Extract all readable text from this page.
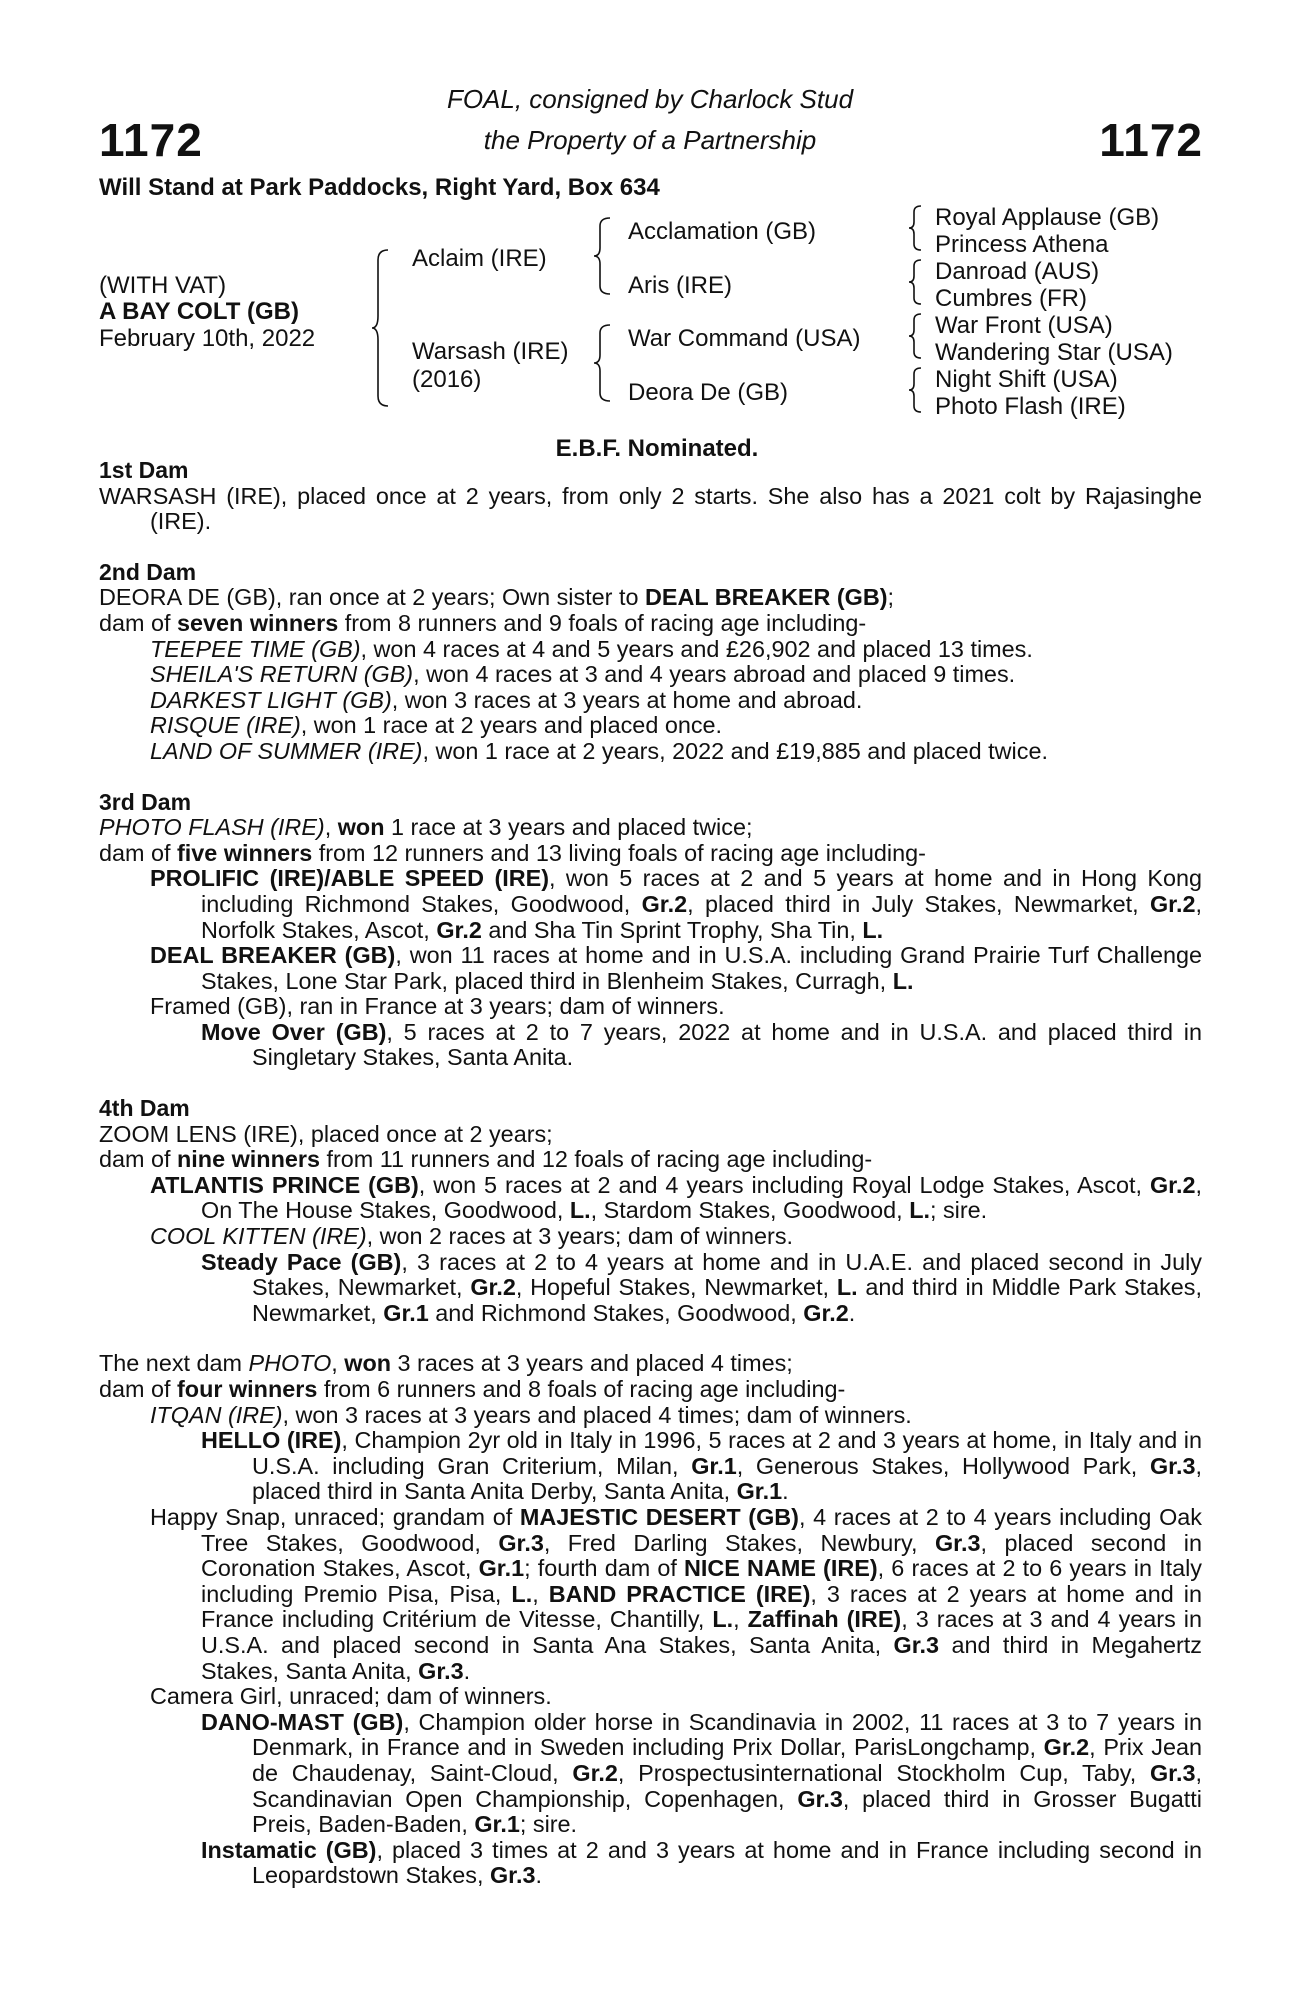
1172	1172
FOAL, consigned by Charlock Stud
the Property of a Partnership
Will Stand at Park Paddocks, Right Yard, Box 634
(WITH VAT)
A BAY COLT (GB)
February 10th, 2022
Aclaim (IRE)
Warsash (IRE)
(2016)
Acclamation (GB)
Aris (IRE)
War Command (USA)
Deora De (GB)
Royal Applause (GB)
Princess Athena
Danroad (AUS)
Cumbres (FR)
War Front (USA)
Wandering Star (USA)
Night Shift (USA)
Photo Flash (IRE)
E.B.F. Nominated.

1st Dam

WARSASH (IRE), placed once at 2 years, from only 2 starts. She also has a 2021 colt by Rajasinghe (IRE).

2nd Dam

DEORA DE (GB), ran once at 2 years; Own sister to DEAL BREAKER (GB);

dam of seven winners from 8 runners and 9 foals of racing age including-

TEEPEE TIME (GB), won 4 races at 4 and 5 years and £26,902 and placed 13 times.

SHEILA'S RETURN (GB), won 4 races at 3 and 4 years abroad and placed 9 times.

DARKEST LIGHT (GB), won 3 races at 3 years at home and abroad.

RISQUE (IRE), won 1 race at 2 years and placed once.

LAND OF SUMMER (IRE), won 1 race at 2 years, 2022 and £19,885 and placed twice.

3rd Dam

PHOTO FLASH (IRE), won 1 race at 3 years and placed twice;

dam of five winners from 12 runners and 13 living foals of racing age including-

PROLIFIC (IRE)/ABLE SPEED (IRE), won 5 races at 2 and 5 years at home and in Hong Kong including Richmond Stakes, Goodwood, Gr.2, placed third in July Stakes, Newmarket, Gr.2, Norfolk Stakes, Ascot, Gr.2 and Sha Tin Sprint Trophy, Sha Tin, L.

DEAL BREAKER (GB), won 11 races at home and in U.S.A. including Grand Prairie Turf Challenge Stakes, Lone Star Park, placed third in Blenheim Stakes, Curragh, L.

Framed (GB), ran in France at 3 years; dam of winners.

Move Over (GB), 5 races at 2 to 7 years, 2022 at home and in U.S.A. and placed third in Singletary Stakes, Santa Anita.

4th Dam

ZOOM LENS (IRE), placed once at 2 years;

dam of nine winners from 11 runners and 12 foals of racing age including-

ATLANTIS PRINCE (GB), won 5 races at 2 and 4 years including Royal Lodge Stakes, Ascot, Gr.2, On The House Stakes, Goodwood, L., Stardom Stakes, Goodwood, L.; sire.

COOL KITTEN (IRE), won 2 races at 3 years; dam of winners.

Steady Pace (GB), 3 races at 2 to 4 years at home and in U.A.E. and placed second in July Stakes, Newmarket, Gr.2, Hopeful Stakes, Newmarket, L. and third in Middle Park Stakes, Newmarket, Gr.1 and Richmond Stakes, Goodwood, Gr.2.

The next dam PHOTO, won 3 races at 3 years and placed 4 times;

dam of four winners from 6 runners and 8 foals of racing age including-

ITQAN (IRE), won 3 races at 3 years and placed 4 times; dam of winners.

HELLO (IRE), Champion 2yr old in Italy in 1996, 5 races at 2 and 3 years at home, in Italy and in U.S.A. including Gran Criterium, Milan, Gr.1, Generous Stakes, Hollywood Park, Gr.3, placed third in Santa Anita Derby, Santa Anita, Gr.1.

Happy Snap, unraced; grandam of MAJESTIC DESERT (GB), 4 races at 2 to 4 years including Oak Tree Stakes, Goodwood, Gr.3, Fred Darling Stakes, Newbury, Gr.3, placed second in Coronation Stakes, Ascot, Gr.1; fourth dam of NICE NAME (IRE), 6 races at 2 to 6 years in Italy including Premio Pisa, Pisa, L., BAND PRACTICE (IRE), 3 races at 2 years at home and in France including Critérium de Vitesse, Chantilly, L., Zaffinah (IRE), 3 races at 3 and 4 years in U.S.A. and placed second in Santa Ana Stakes, Santa Anita, Gr.3 and third in Megahertz Stakes, Santa Anita, Gr.3.

Camera Girl, unraced; dam of winners.

DANO-MAST (GB), Champion older horse in Scandinavia in 2002, 11 races at 3 to 7 years in Denmark, in France and in Sweden including Prix Dollar, ParisLongchamp, Gr.2, Prix Jean de Chaudenay, Saint-Cloud, Gr.2, Prospectusinternational Stockholm Cup, Taby, Gr.3, Scandinavian Open Championship, Copenhagen, Gr.3, placed third in Grosser Bugatti Preis, Baden-Baden, Gr.1; sire.

Instamatic (GB), placed 3 times at 2 and 3 years at home and in France including second in Leopardstown Stakes, Gr.3.
